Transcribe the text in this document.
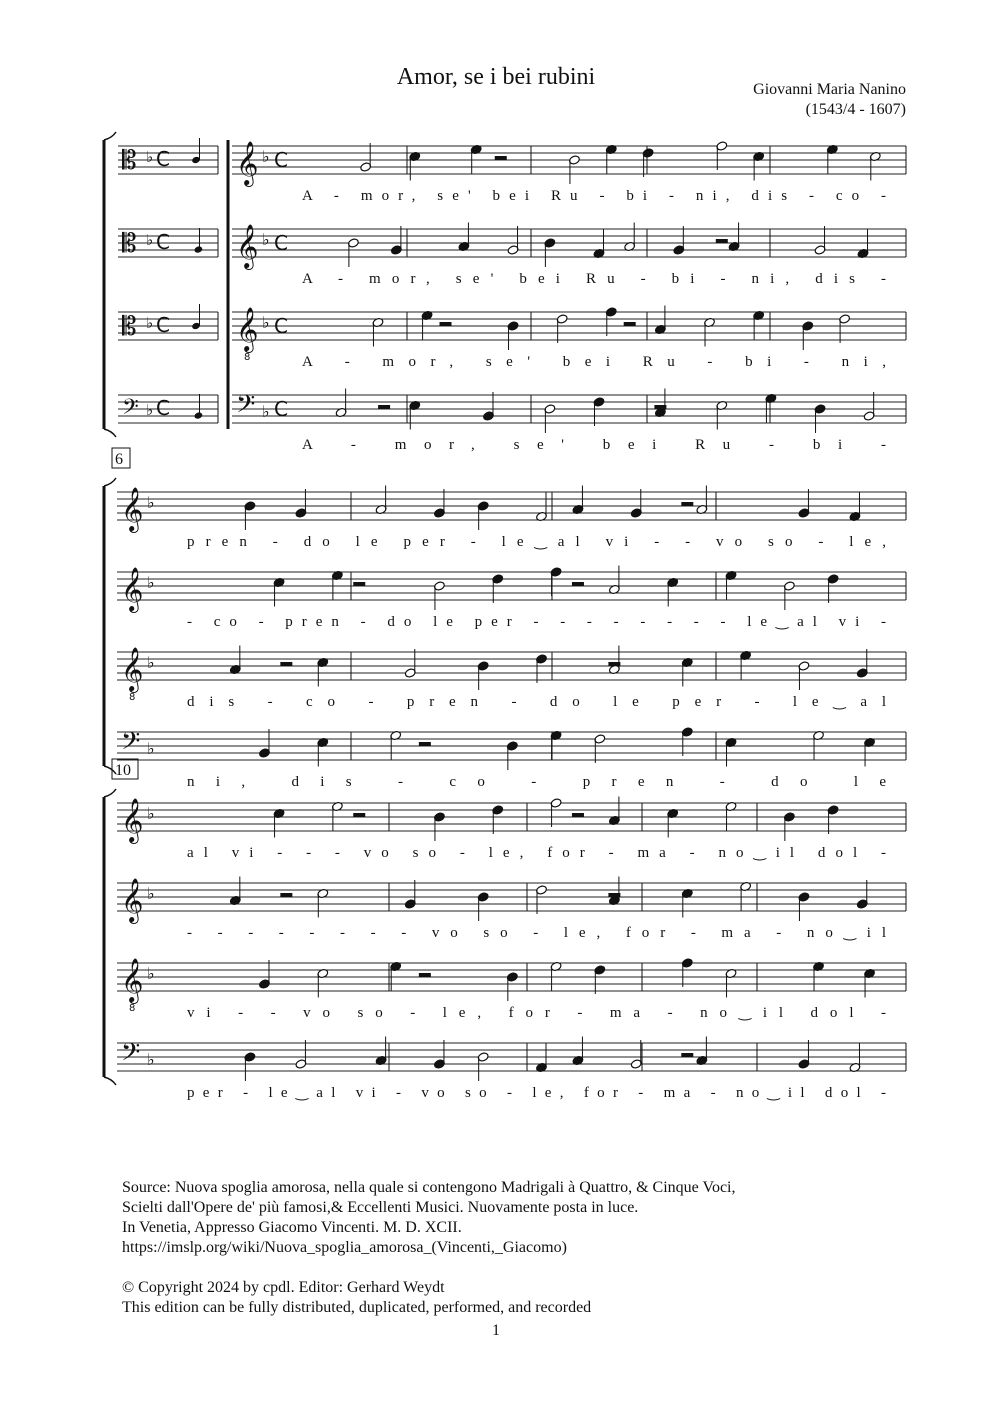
Amor, se i bei rubini	Giovanni Maria Nanino
(1543/4 - 1607)
𝄡 ♭ C
𝄡 ♭ C
𝄡 ♭ C
𝄢 ♭ C
𝄞 ♭ C
A - mor, se' bei Ru - bi - ni, dis - co -
𝄞 ♭ C
A - mor, se' bei Ru - bi - ni, dis -
𝄞
8
♭ C
A - mor, se' bei Ru - bi - ni,
𝄢 ♭ C
A - mor, se' bei Ru - bi -
6
𝄞 ♭
pren - do le per - le‿al vi - - vo so - le,
𝄞 ♭
- co - pren - do le per - - - - - - - - le‿al vi -
𝄞
8
♭
dis - co - pren - do le per - le‿al
𝄢 ♭
ni, dis - co - pren - do le
10
𝄞 ♭
al vi - - - vo so - le, for - ma - no‿il dol -
𝄞 ♭
- - - - - - - - vo so - le, for - ma - no‿il
𝄞
8
♭
vi - - vo so - le, for - ma - no‿il dol -
𝄢 ♭
per - le‿al vi - vo so - le, for - ma - no‿il dol -

Source: Nuova spoglia amorosa, nella quale si contengono Madrigali à Quattro, & Cinque Voci,

Scielti dall'Opere de' più famosi,& Eccellenti Musici. Nuovamente posta in luce.

In Venetia, Appresso Giacomo Vincenti. M. D. XCII.

https://imslp.org/wiki/Nuova_spoglia_amorosa_(Vincenti,_Giacomo)

© Copyright 2024 by cpdl. Editor: Gerhard Weydt

This edition can be fully distributed, duplicated, performed, and recorded

1
